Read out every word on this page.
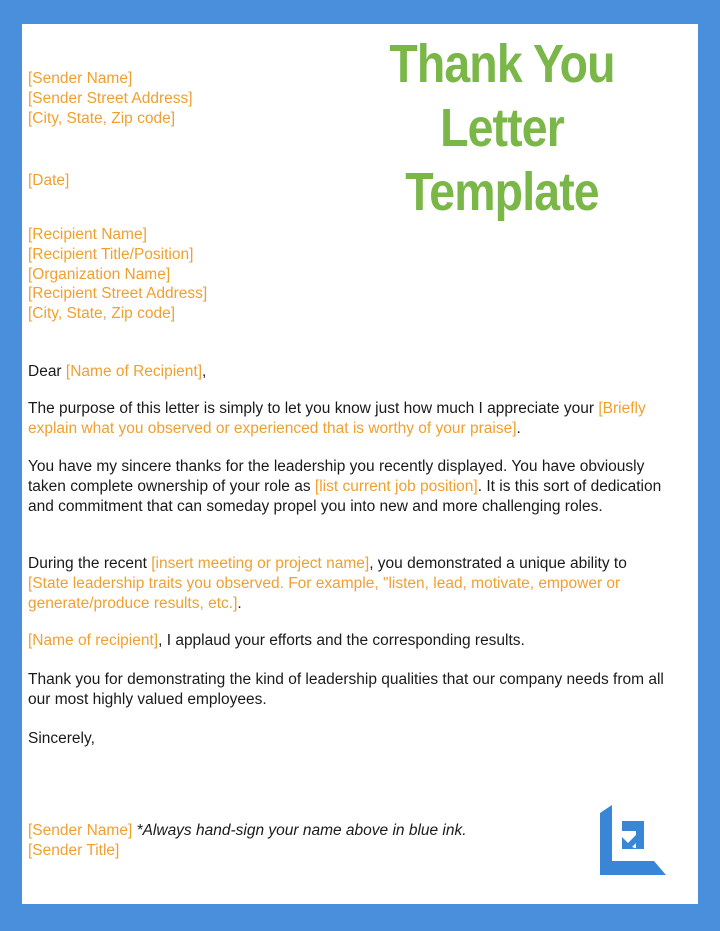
Thank You
Letter Template
[Sender Name]
[Sender Street Address]
[City, State, Zip code]
[Date]
[Recipient Name]
[Recipient Title/Position]
[Organization Name]
[Recipient Street Address]
[City, State, Zip code]
Dear [Name of Recipient],
The purpose of this letter is simply to let you know just how much I appreciate your [Briefly explain what you observed or experienced that is worthy of your praise].
You have my sincere thanks for the leadership you recently displayed. You have obviously taken complete ownership of your role as [list current job position]. It is this sort of dedication and commitment that can someday propel you into new and more challenging roles.
During the recent [insert meeting or project name], you demonstrated a unique ability to [State leadership traits you observed. For example, "listen, lead, motivate, empower or generate/produce results, etc.].
[Name of recipient], I applaud your efforts and the corresponding results.
Thank you for demonstrating the kind of leadership qualities that our company needs from all our most highly valued employees.
Sincerely,
[Sender Name] *Always hand-sign your name above in blue ink.
[Sender Title]
